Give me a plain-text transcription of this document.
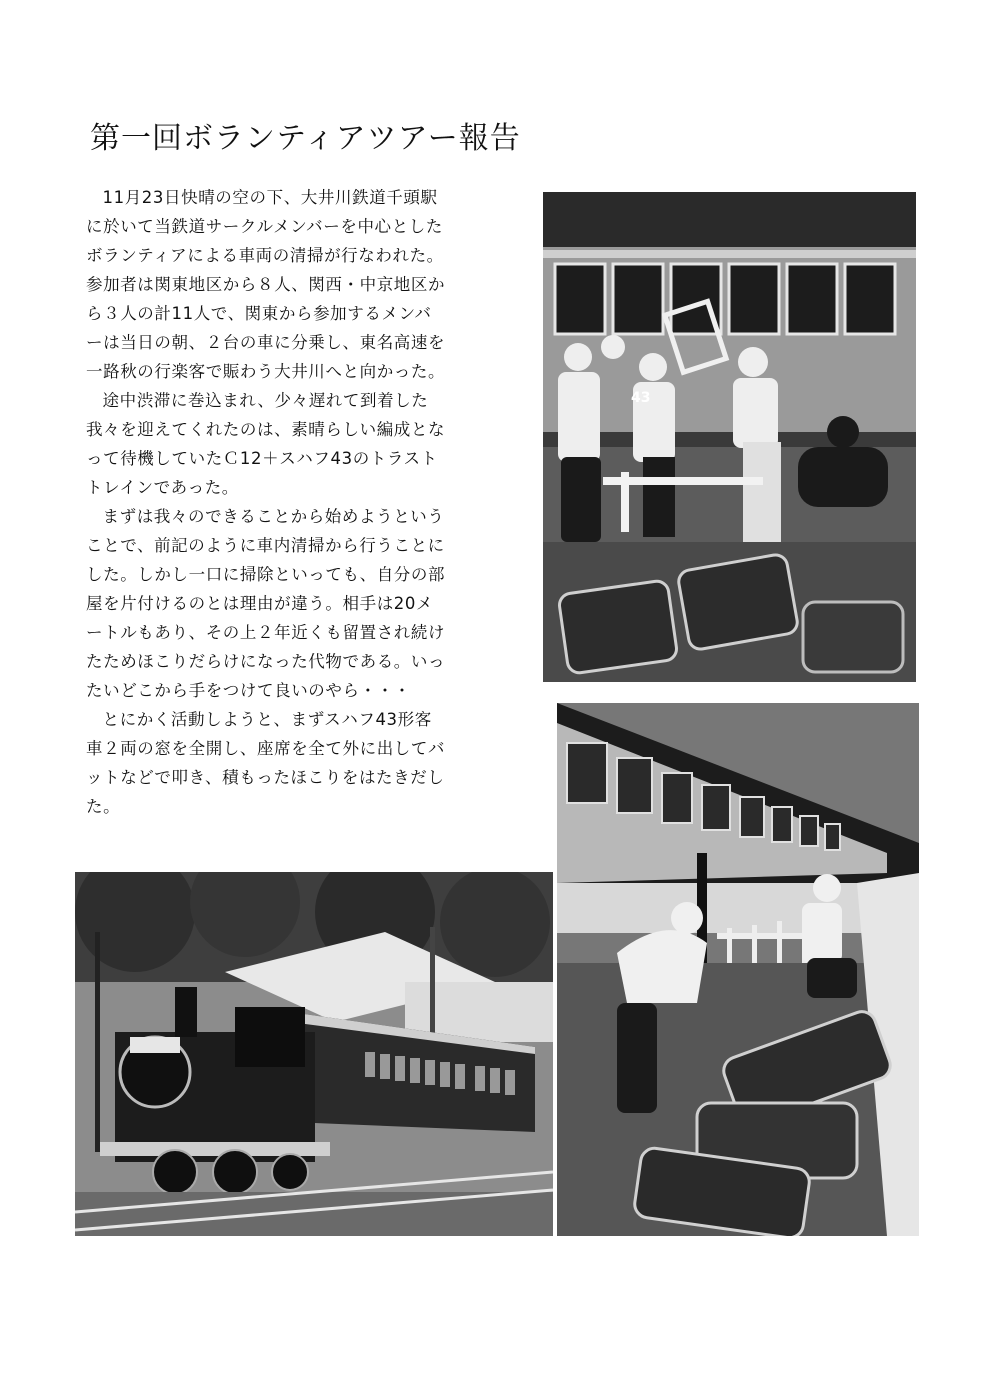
第一回ボランティアツアー報告

11月23日快晴の空の下、大井川鉄道千頭駅に於いて当鉄道サークルメンバーを中心としたボランティアによる車両の清掃が行なわれた。参加者は関東地区から８人、関西・中京地区から３人の計11人で、関東から参加するメンバーは当日の朝、２台の車に分乗し、東名高速を一路秋の行楽客で賑わう大井川へと向かった。

途中渋滞に巻込まれ、少々遅れて到着した我々を迎えてくれたのは、素晴らしい編成となって待機していたＣ12＋スハフ43のトラストトレインであった。

まずは我々のできることから始めようということで、前記のように車内清掃から行うことにした。しかし一口に掃除といっても、自分の部屋を片付けるのとは理由が違う。相手は20メートルもあり、その上２年近くも留置され続けたためほこりだらけになった代物である。いったいどこから手をつけて良いのやら・・・

とにかく活動しようと、まずスハフ43形客車２両の窓を全開し、座席を全て外に出してバットなどで叩き、積もったほこりをはたきだした。

43
